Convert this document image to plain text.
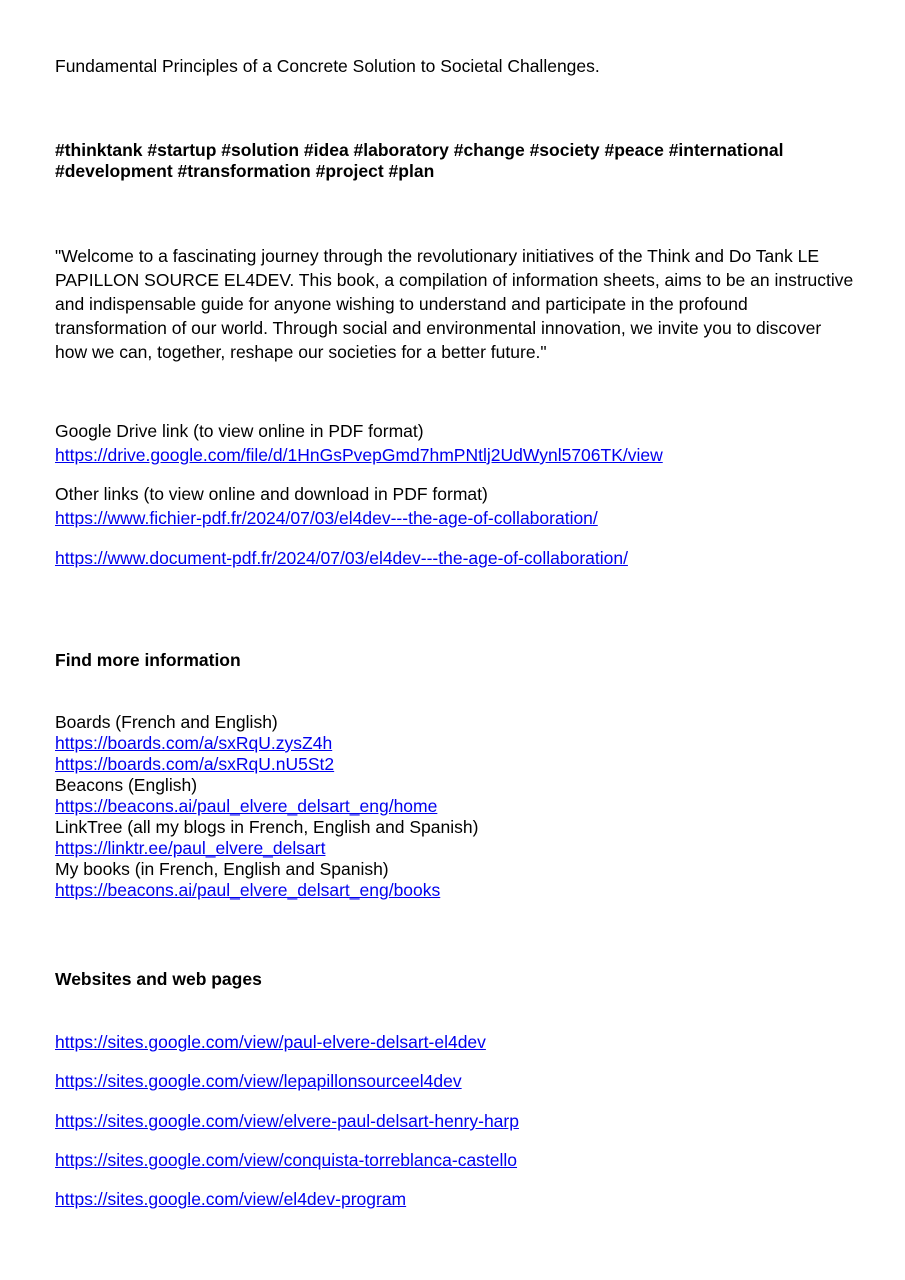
Fundamental Principles of a Concrete Solution to Societal Challenges.

#thinktank #startup #solution #idea #laboratory #change #society #peace #international #development #transformation #project #plan

"Welcome to a fascinating journey through the revolutionary initiatives of the Think and Do Tank LE PAPILLON SOURCE EL4DEV. This book, a compilation of information sheets, aims to be an instructive and indispensable guide for anyone wishing to understand and participate in the profound transformation of our world. Through social and environmental innovation, we invite you to discover how we can, together, reshape our societies for a better future."

Google Drive link (to view online in PDF format)
https://drive.google.com/file/d/1HnGsPvepGmd7hmPNtlj2UdWynl5706TK/view
Other links (to view online and download in PDF format)
https://www.fichier-pdf.fr/2024/07/03/el4dev---the-age-of-collaboration/
https://www.document-pdf.fr/2024/07/03/el4dev---the-age-of-collaboration/
Find more information
Boards (French and English)
https://boards.com/a/sxRqU.zysZ4h
https://boards.com/a/sxRqU.nU5St2
Beacons (English)
https://beacons.ai/paul_elvere_delsart_eng/home
LinkTree (all my blogs in French, English and Spanish)
https://linktr.ee/paul_elvere_delsart
My books (in French, English and Spanish)
https://beacons.ai/paul_elvere_delsart_eng/books
Websites and web pages
https://sites.google.com/view/paul-elvere-delsart-el4dev
https://sites.google.com/view/lepapillonsourceel4dev
https://sites.google.com/view/elvere-paul-delsart-henry-harp
https://sites.google.com/view/conquista-torreblanca-castello
https://sites.google.com/view/el4dev-program
